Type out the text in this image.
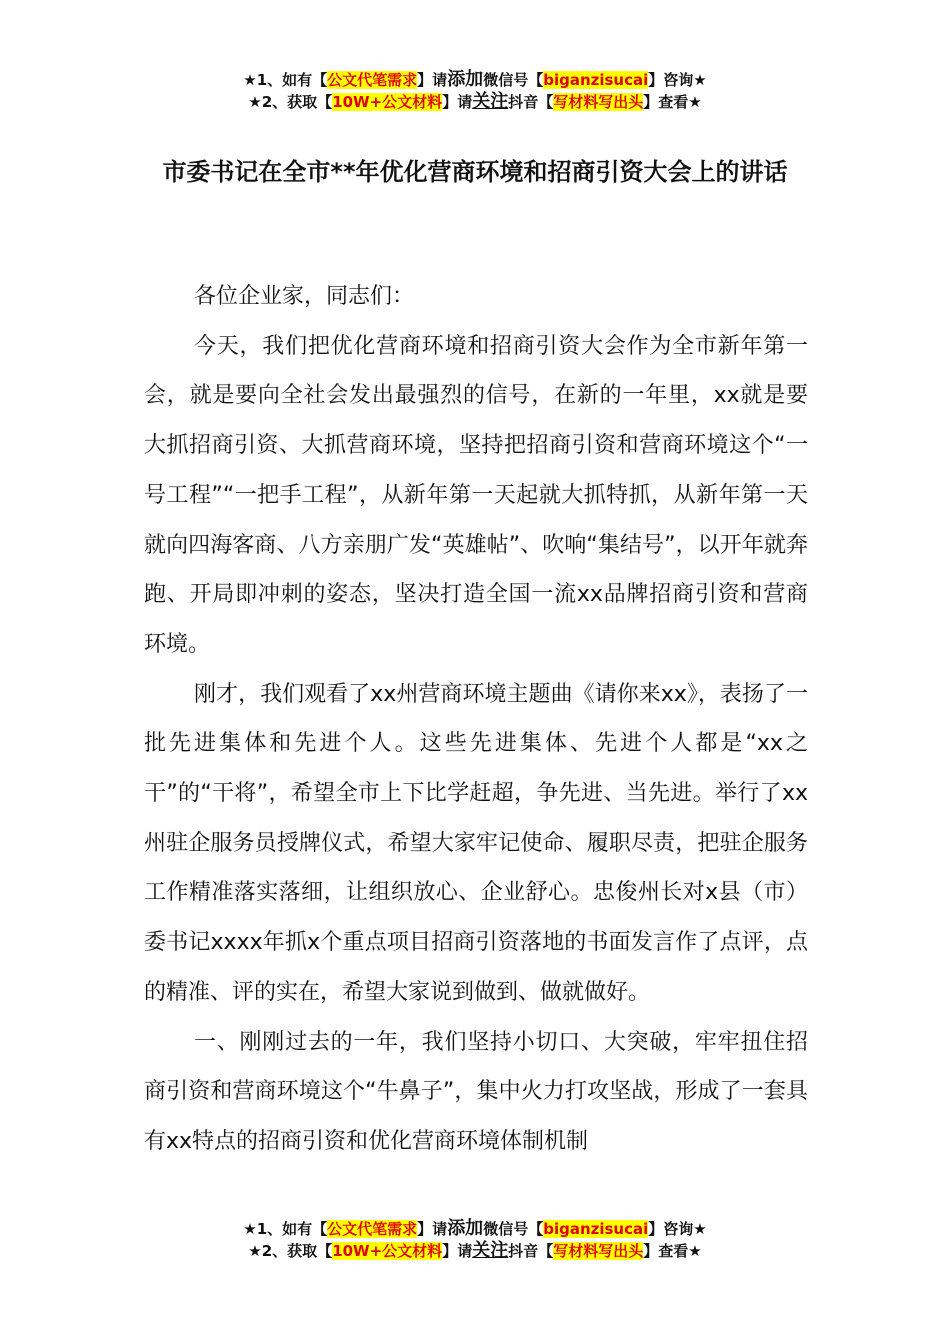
★1、如有【公文代笔需求】请添加微信号【biganzisucai】咨询★
★2、获取【10W+公文材料】请关注抖音【写材料写出头】查看★
市委书记在全市**年优化营商环境和招商引资大会上的讲话

各位企业家，同志们：

今天，我们把优化营商环境和招商引资大会作为全市新年第一会，就是要向全社会发出最强烈的信号，在新的一年里，xx就是要大抓招商引资、大抓营商环境，坚持把招商引资和营商环境这个“一号工程”“一把手工程”，从新年第一天起就大抓特抓，从新年第一天就向四海客商、八方亲朋广发“英雄帖”、吹响“集结号”，以开年就奔跑、开局即冲刺的姿态，坚决打造全国一流xx品牌招商引资和营商环境。

刚才，我们观看了xx州营商环境主题曲《请你来xx》，表扬了一批先进集体和先进个人。这些先进集体、先进个人都是“xx之干”的“干将”，希望全市上下比学赶超，争先进、当先进。举行了xx州驻企服务员授牌仪式，希望大家牢记使命、履职尽责，把驻企服务工作精准落实落细，让组织放心、企业舒心。忠俊州长对x县（市）委书记xxxx年抓x个重点项目招商引资落地的书面发言作了点评，点的精准、评的实在，希望大家说到做到、做就做好。

一、刚刚过去的一年，我们坚持小切口、大突破，牢牢扭住招商引资和营商环境这个“牛鼻子”，集中火力打攻坚战，形成了一套具有xx特点的招商引资和优化营商环境体制机制

★1、如有【公文代笔需求】请添加微信号【biganzisucai】咨询★
★2、获取【10W+公文材料】请关注抖音【写材料写出头】查看★
